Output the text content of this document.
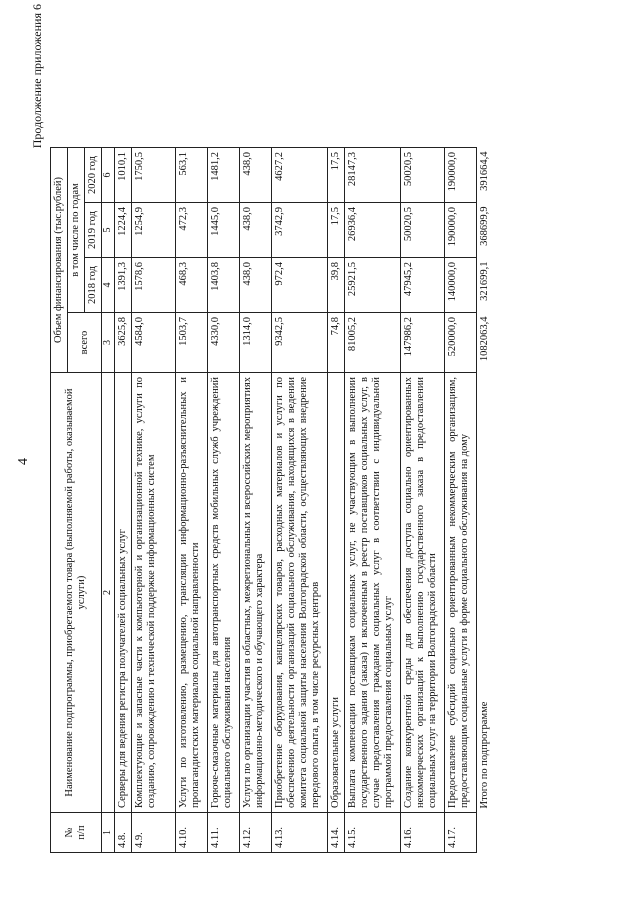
4
Продолжение приложения 6
№
п/п	Наименование подпрограммы, приобретаемого товара (выполняемой работы, оказываемой услуги)	Объем финансирования (тыс.рублей)			
		всего	в том числе по годам		
			2018 год	2019 год	2020 год
1	2	3	4	5	6
4.8.	Серверы для ведения регистра получателей социальных услуг	3625,8	1391,3	1224,4	1010,1
4.9.	Комплектующие и запасные части к компьютерной и организационной технике, услуги по созданию, сопровождению и технической поддержке информационных систем	4584,0	1578,6	1254,9	1750,5
4.10.	Услуги по изготовлению, размещению, трансляции информационно-разъяснительных и пропагандистских материалов социальной направленности	1503,7	468,3	472,3	563,1
4.11.	Горюче-смазочные материалы для автотранспортных средств мобильных служб учреждений социального обслуживания населения	4330,0	1403,8	1445,0	1481,2
4.12.	Услуги по организации участия в областных, межрегиональных и всероссийских мероприятиях информационно-методического и обучающего характера	1314,0	438,0	438,0	438,0
4.13.	Приобретение оборудования, канцелярских товаров, расходных материалов и услуги по обеспечению деятельности организаций социального обслуживания, находящихся в ведении комитета социальной защиты населения Волгоградской области, осуществляющих внедрение передового опыта, в том числе ресурсных центров	9342,5	972,4	3742,9	4627,2
4.14.	Образовательные услуги	74,8	39,8	17,5	17,5
4.15.	Выплата компенсации поставщикам социальных услуг, не участвующим в выполнении государственного задания (заказа) и включенным в реестр поставщиков социальных услуг, в случае предоставления гражданам социальных услуг в соответствии с индивидуальной программой предоставления социальных услуг	81005,2	25921,5	26936,4	28147,3
4.16.	Создание конкурентной среды для обеспечения доступа социально ориентированных некоммерческих организаций к выполнению государственного заказа в предоставлении социальных услуг на территории Волгоградской области	147986,2	47945,2	50020,5	50020,5
4.17.	Предоставление субсидий социально ориентированным некоммерческим организациям, предоставляющим социальные услуги в форме социального обслуживания на дому	520000,0	140000,0	190000,0	190000,0
	Итого по подпрограмме	1082063,4	321699,1	368699,9	391664,4
